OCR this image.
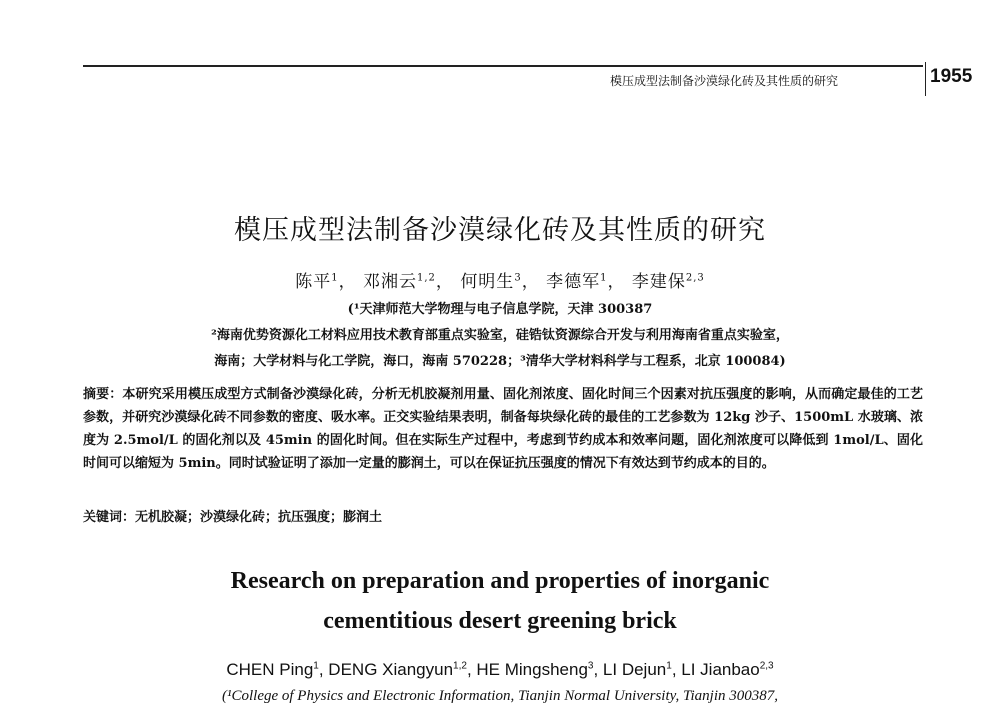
模压成型法制备沙漠绿化砖及其性质的研究	1955
模压成型法制备沙漠绿化砖及其性质的研究
陈平$^1$， 邓湘云$^{1,2}$， 何明生$^3$， 李德军$^1$， 李建保$^{2,3}$
(¹天津师范大学物理与电子信息学院，天津 300387
²海南优势资源化工材料应用技术教育部重点实验室，硅锆钛资源综合开发与利用海南省重点实验室，
海南；大学材料与化工学院，海口，海南 570228；³清华大学材料科学与工程系，北京 100084)
摘要：本研究采用模压成型方式制备沙漠绿化砖，分析无机胶凝剂用量、固化剂浓度、固化时间三个因素对抗压强度的影响，从而确定最佳的工艺参数，并研究沙漠绿化砖不同参数的密度、吸水率。正交实验结果表明，制备每块绿化砖的最佳的工艺参数为 12kg 沙子、1500mL 水玻璃、浓度为 2.5mol/L 的固化剂以及 45min 的固化时间。但在实际生产过程中，考虑到节约成本和效率问题，固化剂浓度可以降低到 1mol/L、固化时间可以缩短为 5min。同时试验证明了添加一定量的膨润土，可以在保证抗压强度的情况下有效达到节约成本的目的。
关键词：无机胶凝；沙漠绿化砖；抗压强度；膨润土
Research on preparation and properties of inorganic
cementitious desert greening brick
CHEN Ping$^1$, DENG Xiangyun$^{1,2}$, HE Mingsheng$^3$, LI Dejun$^1$, LI Jianbao$^{2,3}$
(¹College of Physics and Electronic Information, Tianjin Normal University, Tianjin 300387,
